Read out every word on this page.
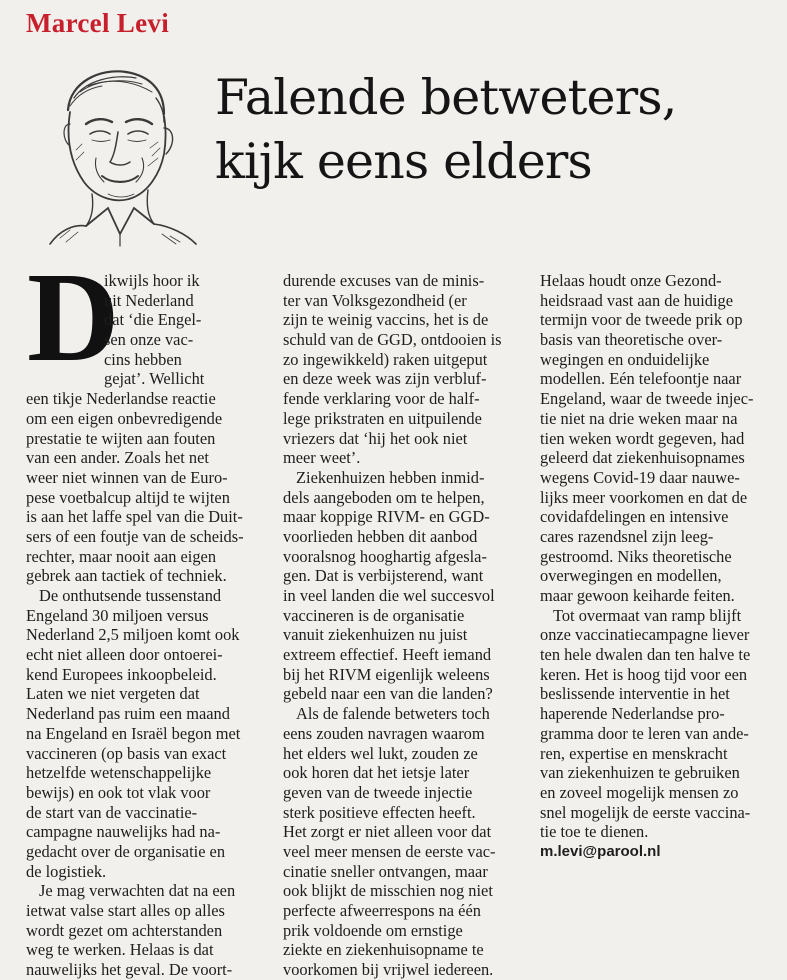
Marcel Levi
Falende betweters,
kijk eens elders
D
ikwijls hoor ik
uit Nederland
dat ‘die Engel-
sen onze vac-
cins hebben
gejat’. Wellicht
een tikje Nederlandse reactie
om een eigen onbevredigende
prestatie te wijten aan fouten
van een ander. Zoals het net
weer niet winnen van de Euro-
pese voetbalcup altijd te wijten
is aan het laffe spel van die Duit-
sers of een foutje van de scheids-
rechter, maar nooit aan eigen
gebrek aan tactiek of techniek.
De onthutsende tussenstand
Engeland 30 miljoen versus
Nederland 2,5 miljoen komt ook
echt niet alleen door ontoerei-
kend Europees inkoopbeleid.
Laten we niet vergeten dat
Nederland pas ruim een maand
na Engeland en Israël begon met
vaccineren (op basis van exact
hetzelfde wetenschappelijke
bewijs) en ook tot vlak voor
de start van de vaccinatie-
campagne nauwelijks had na-
gedacht over de organisatie en
de logistiek.
Je mag verwachten dat na een
ietwat valse start alles op alles
wordt gezet om achterstanden
weg te werken. Helaas is dat
nauwelijks het geval. De voort-
durende excuses van de minis-
ter van Volksgezondheid (er
zijn te weinig vaccins, het is de
schuld van de GGD, ontdooien is
zo ingewikkeld) raken uitgeput
en deze week was zijn verbluf-
fende verklaring voor de half-
lege prikstraten en uitpuilende
vriezers dat ‘hij het ook niet
meer weet’.
Ziekenhuizen hebben inmid-
dels aangeboden om te helpen,
maar koppige RIVM- en GGD-
voorlieden hebben dit aanbod
vooralsnog hooghartig afgesla-
gen. Dat is verbijsterend, want
in veel landen die wel succesvol
vaccineren is de organisatie
vanuit ziekenhuizen nu juist
extreem effectief. Heeft iemand
bij het RIVM eigenlijk weleens
gebeld naar een van die landen?
Als de falende betweters toch
eens zouden navragen waarom
het elders wel lukt, zouden ze
ook horen dat het ietsje later
geven van de tweede injectie
sterk positieve effecten heeft.
Het zorgt er niet alleen voor dat
veel meer mensen de eerste vac-
cinatie sneller ontvangen, maar
ook blijkt de misschien nog niet
perfecte afweerrespons na één
prik voldoende om ernstige
ziekte en ziekenhuisopname te
voorkomen bij vrijwel iedereen.
Helaas houdt onze Gezond-
heidsraad vast aan de huidige
termijn voor de tweede prik op
basis van theoretische over-
wegingen en onduidelijke
modellen. Eén telefoontje naar
Engeland, waar de tweede injec-
tie niet na drie weken maar na
tien weken wordt gegeven, had
geleerd dat ziekenhuisopnames
wegens Covid-19 daar nauwe-
lijks meer voorkomen en dat de
covidafdelingen en intensive
cares razendsnel zijn leeg-
gestroomd. Niks theoretische
overwegingen en modellen,
maar gewoon keiharde feiten.
Tot overmaat van ramp blijft
onze vaccinatiecampagne liever
ten hele dwalen dan ten halve te
keren. Het is hoog tijd voor een
beslissende interventie in het
haperende Nederlandse pro-
gramma door te leren van ande-
ren, expertise en menskracht
van ziekenhuizen te gebruiken
en zoveel mogelijk mensen zo
snel mogelijk de eerste vaccina-
tie toe te dienen.
m.levi@parool.nl
